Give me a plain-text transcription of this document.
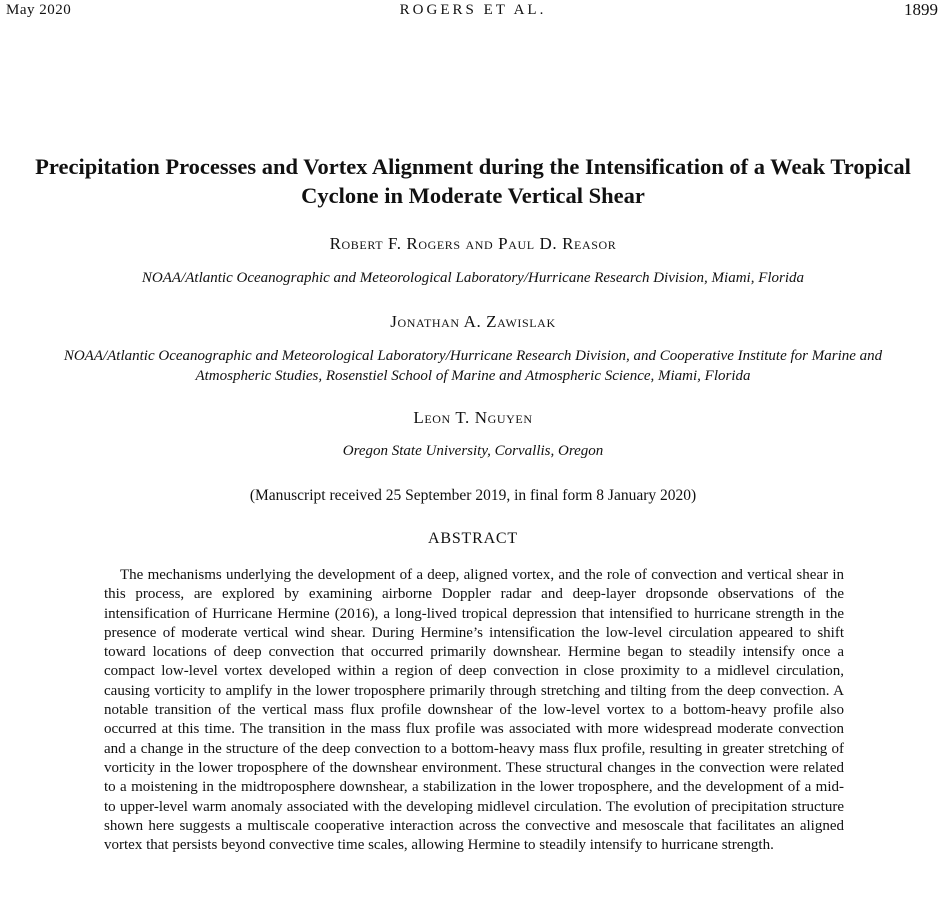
May 2020	ROGERS ET AL.	1899
Precipitation Processes and Vortex Alignment during the Intensification of a Weak Tropical Cyclone in Moderate Vertical Shear
Robert F. Rogers and Paul D. Reasor
NOAA/Atlantic Oceanographic and Meteorological Laboratory/Hurricane Research Division, Miami, Florida
Jonathan A. Zawislak
NOAA/Atlantic Oceanographic and Meteorological Laboratory/Hurricane Research Division, and Cooperative Institute for Marine and Atmospheric Studies, Rosenstiel School of Marine and Atmospheric Science, Miami, Florida
Leon T. Nguyen
Oregon State University, Corvallis, Oregon
(Manuscript received 25 September 2019, in final form 8 January 2020)
ABSTRACT

The mechanisms underlying the development of a deep, aligned vortex, and the role of convection and vertical shear in this process, are explored by examining airborne Doppler radar and deep-layer dropsonde observations of the intensification of Hurricane Hermine (2016), a long-lived tropical depression that intensified to hurricane strength in the presence of moderate vertical wind shear. During Hermine’s intensification the low-level circulation appeared to shift toward locations of deep convection that occurred primarily downshear. Hermine began to steadily intensify once a compact low-level vortex developed within a region of deep convection in close proximity to a midlevel circulation, causing vorticity to amplify in the lower troposphere primarily through stretching and tilting from the deep convection. A notable transition of the vertical mass flux profile downshear of the low-level vortex to a bottom-heavy profile also occurred at this time. The transition in the mass flux profile was associated with more widespread moderate convection and a change in the structure of the deep convection to a bottom-heavy mass flux profile, resulting in greater stretching of vorticity in the lower troposphere of the downshear environment. These structural changes in the convection were related to a moistening in the midtroposphere downshear, a stabilization in the lower troposphere, and the development of a mid- to upper-level warm anomaly associated with the developing midlevel circulation. The evolution of precipitation structure shown here suggests a multiscale cooperative interaction across the convective and mesoscale that facilitates an aligned vortex that persists beyond convective time scales, allowing Hermine to steadily intensify to hurricane strength.
